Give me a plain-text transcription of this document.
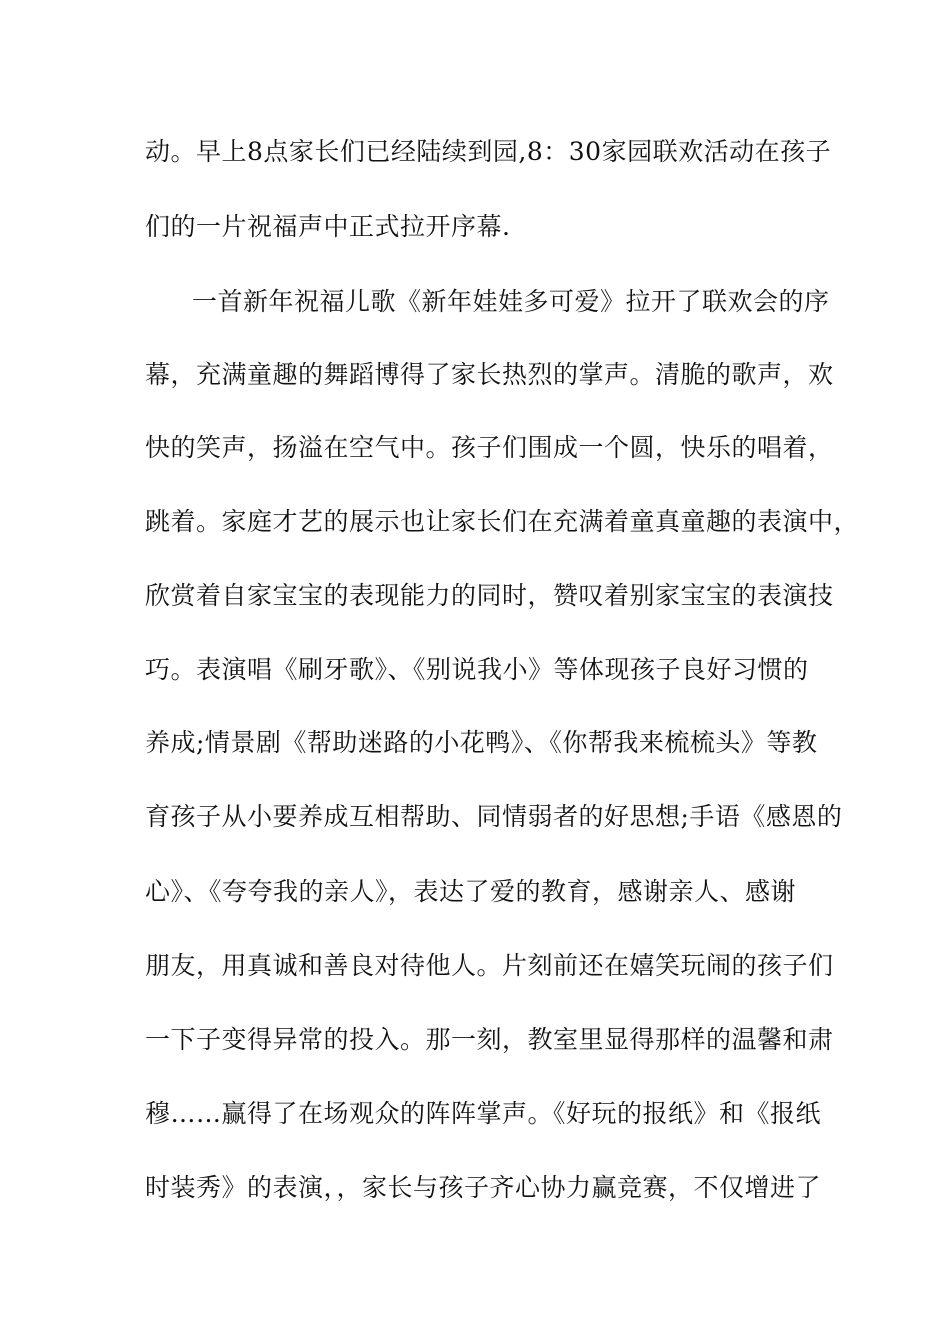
动。早上8点家长们已经陆续到园,8：30家园联欢活动在孩子
们的一片祝福声中正式拉开序幕.
一首新年祝福儿歌《新年娃娃多可爱》拉开了联欢会的序
幕，充满童趣的舞蹈博得了家长热烈的掌声。清脆的歌声，欢
快的笑声，扬溢在空气中。孩子们围成一个圆，快乐的唱着，
跳着。家庭才艺的展示也让家长们在充满着童真童趣的表演中，
欣赏着自家宝宝的表现能力的同时，赞叹着别家宝宝的表演技
巧。表演唱《刷牙歌》、《别说我小》等体现孩子良好习惯的
养成;情景剧《帮助迷路的小花鸭》、《你帮我来梳梳头》等教
育孩子从小要养成互相帮助、同情弱者的好思想;手语《感恩的
心》、《夸夸我的亲人》，表达了爱的教育，感谢亲人、感谢
朋友，用真诚和善良对待他人。片刻前还在嬉笑玩闹的孩子们
一下子变得异常的投入。那一刻，教室里显得那样的温馨和肃
穆……赢得了在场观众的阵阵掌声。《好玩的报纸》和《报纸
时装秀》的表演，，家长与孩子齐心协力赢竞赛，不仅增进了
